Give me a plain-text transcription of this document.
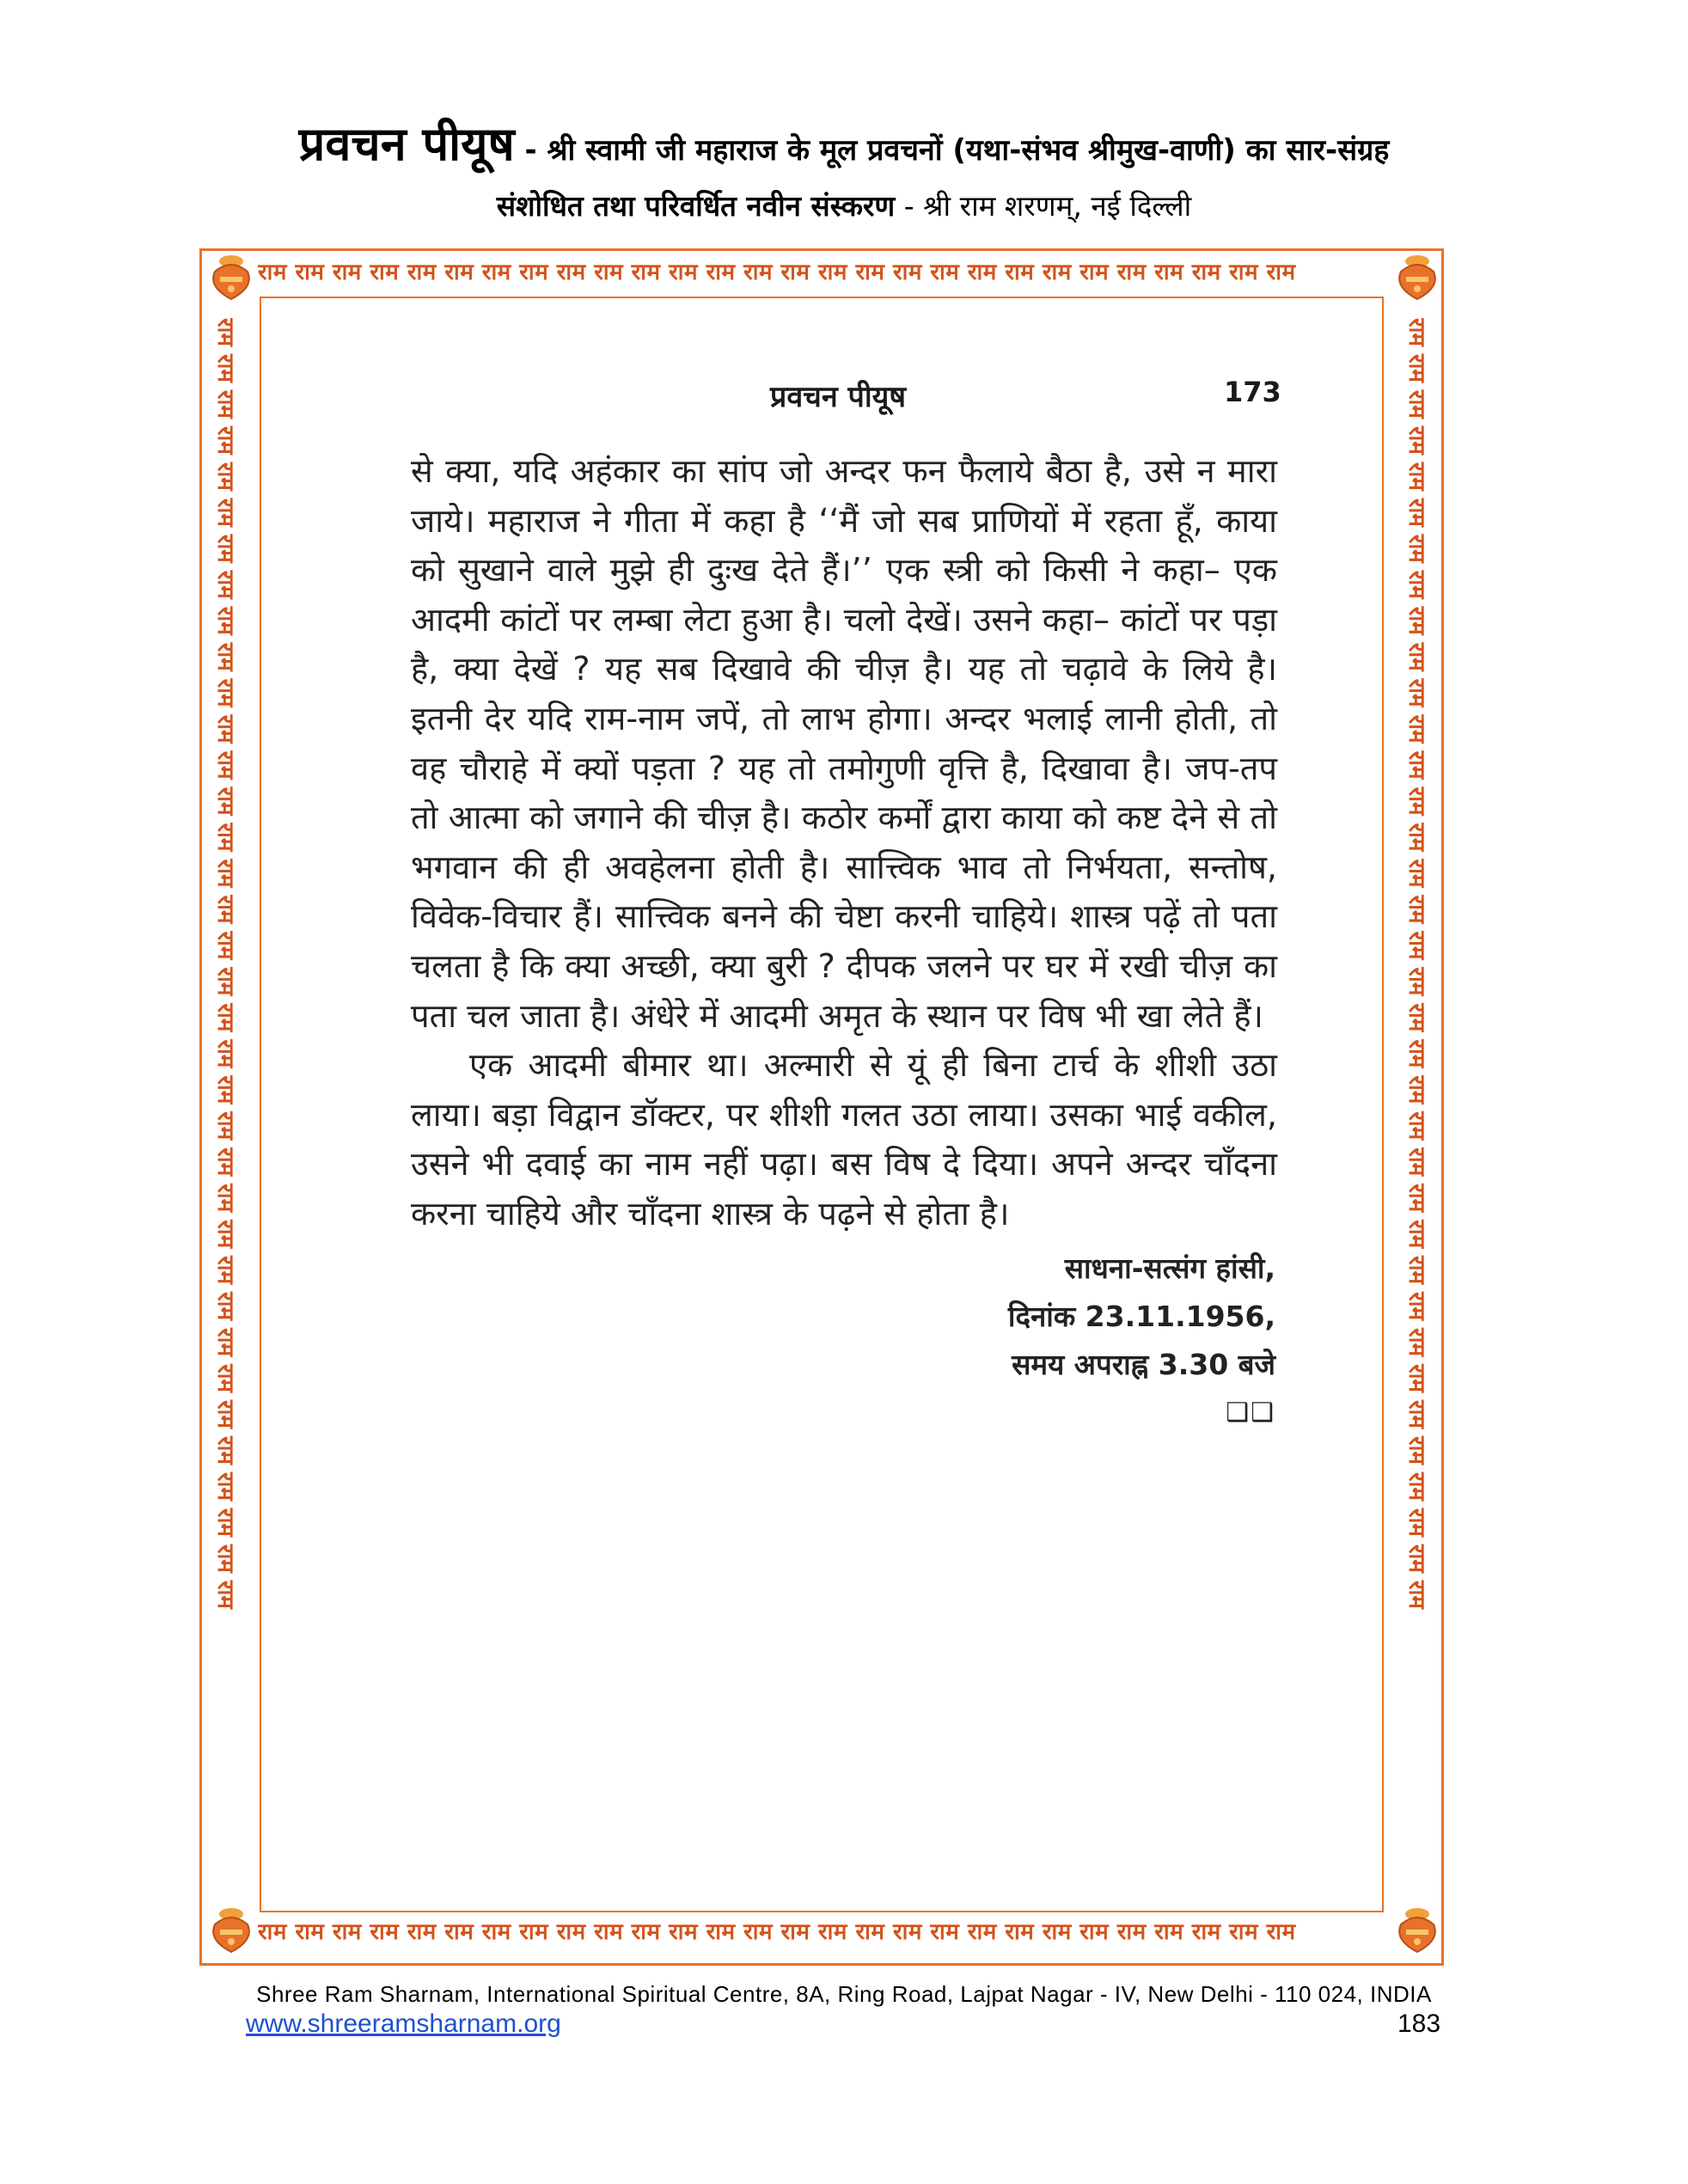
प्रवचन पीयूष - श्री स्वामी जी महाराज के मूल प्रवचनों (यथा-संभव श्रीमुख-वाणी) का सार-संग्रह
संशोधित तथा परिवर्धित नवीन संस्करण - श्री राम शरणम्, नई दिल्ली
राम राम राम राम राम राम राम राम राम राम राम राम राम राम राम राम राम राम राम राम राम राम राम राम राम राम राम राम
राम राम राम राम राम राम राम राम राम राम राम राम राम राम राम राम राम राम राम राम राम राम राम राम राम राम राम राम
राम राम राम राम राम राम राम राम राम राम राम राम राम राम राम राम राम राम राम राम राम राम राम राम राम राम राम राम राम राम राम राम राम राम राम राम	राम राम राम राम राम राम राम राम राम राम राम राम राम राम राम राम राम राम राम राम राम राम राम राम राम राम राम राम राम राम राम राम राम राम राम राम
प्रवचन पीयूष	173

से क्या, यदि अहंकार का सांप जो अन्दर फन फैलाये बैठा है, उसे न मारा जाये। महाराज ने गीता में कहा है ‘‘मैं जो सब प्राणियों में रहता हूँ, काया को सुखाने वाले मुझे ही दुःख देते हैं।’’ एक स्त्री को किसी ने कहा– एक आदमी कांटों पर लम्बा लेटा हुआ है। चलो देखें। उसने कहा– कांटों पर पड़ा है, क्या देखें ? यह सब दिखावे की चीज़ है। यह तो चढ़ावे के लिये है। इतनी देर यदि राम-नाम जपें, तो लाभ होगा। अन्दर भलाई लानी होती, तो वह चौराहे में क्यों पड़ता ? यह तो तमोगुणी वृत्ति है, दिखावा है। जप-तप तो आत्मा को जगाने की चीज़ है। कठोर कर्मों द्वारा काया को कष्ट देने से तो भगवान की ही अवहेलना होती है। सात्त्विक भाव तो निर्भयता, सन्तोष, विवेक-विचार हैं। सात्त्विक बनने की चेष्टा करनी चाहिये। शास्त्र पढ़ें तो पता चलता है कि क्या अच्छी, क्या बुरी ? दीपक जलने पर घर में रखी चीज़ का पता चल जाता है। अंधेरे में आदमी अमृत के स्थान पर विष भी खा लेते हैं।

एक आदमी बीमार था। अल्मारी से यूं ही बिना टार्च के शीशी उठा लाया। बड़ा विद्वान डॉक्टर, पर शीशी गलत उठा लाया। उसका भाई वकील, उसने भी दवाई का नाम नहीं पढ़ा। बस विष दे दिया। अपने अन्दर चाँदना करना चाहिये और चाँदना शास्त्र के पढ़ने से होता है।

साधना-सत्संग हांसी,
दिनांक 23.11.1956,
समय अपराह्न 3.30 बजे
❑❑
Shree Ram Sharnam, International Spiritual Centre, 8A, Ring Road, Lajpat Nagar - IV, New Delhi - 110 024, INDIA
www.shreeramsharnam.org	183
